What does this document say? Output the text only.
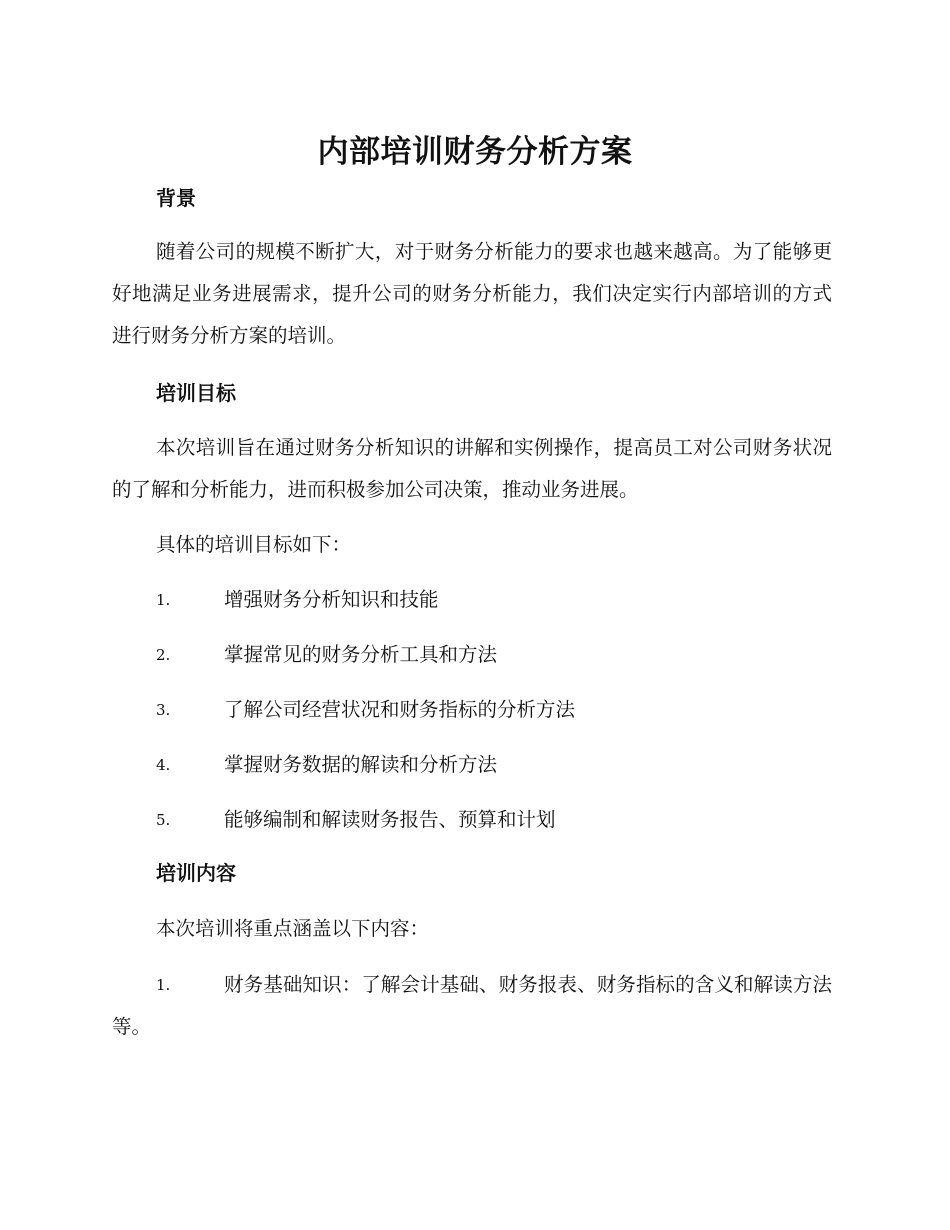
内部培训财务分析方案
背景
随着公司的规模不断扩大，对于财务分析能力的要求也越来越高。为了能够更好地满足业务进展需求，提升公司的财务分析能力，我们决定实行内部培训的方式进行财务分析方案的培训。
培训目标
本次培训旨在通过财务分析知识的讲解和实例操作，提高员工对公司财务状况的了解和分析能力，进而积极参加公司决策，推动业务进展。
具体的培训目标如下：
1.	增强财务分析知识和技能
2.	掌握常见的财务分析工具和方法
3.	了解公司经营状况和财务指标的分析方法
4.	掌握财务数据的解读和分析方法
5.	能够编制和解读财务报告、预算和计划
培训内容
本次培训将重点涵盖以下内容：
1.	财务基础知识：了解会计基础、财务报表、财务指标的含义和解读方法等。
